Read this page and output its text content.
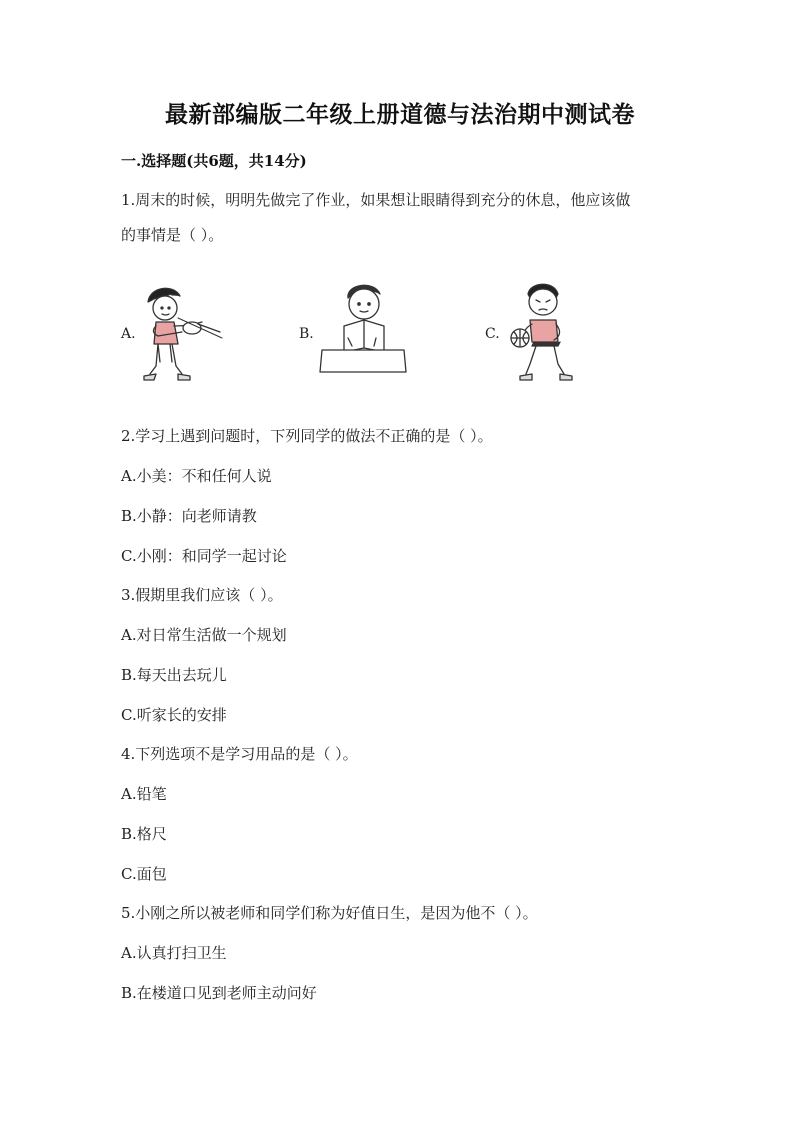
最新部编版二年级上册道德与法治期中测试卷
一.选择题(共6题，共14分)
1.周末的时候，明明先做完了作业，如果想让眼睛得到充分的休息，他应该做
的事情是（ ）。
A.	B.	C.
2.学习上遇到问题时，下列同学的做法不正确的是（ ）。
A.小美：不和任何人说
B.小静：向老师请教
C.小刚：和同学一起讨论
3.假期里我们应该（ ）。
A.对日常生活做一个规划
B.每天出去玩儿
C.听家长的安排
4.下列选项不是学习用品的是（ ）。
A.铅笔
B.格尺
C.面包
5.小刚之所以被老师和同学们称为好值日生，是因为他不（ ）。
A.认真打扫卫生
B.在楼道口见到老师主动问好
